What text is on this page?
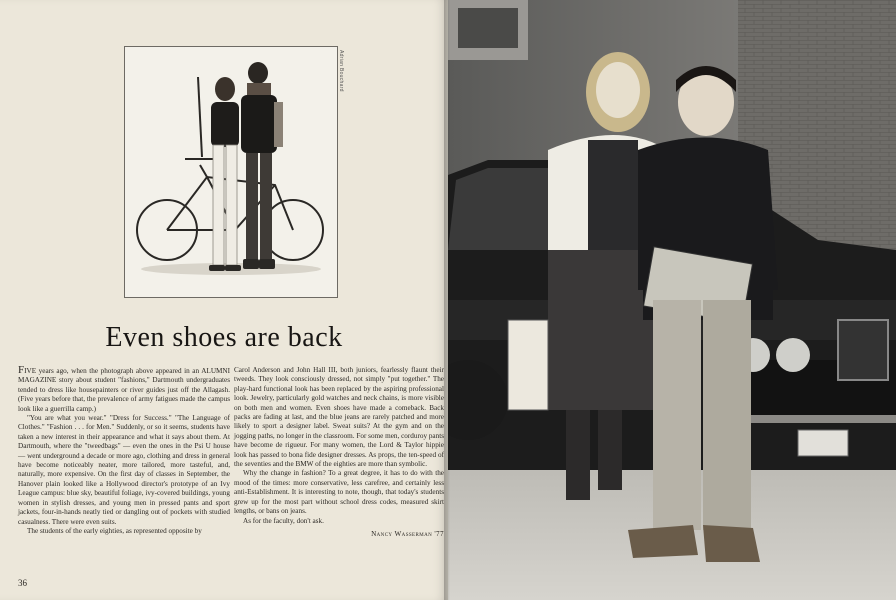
Adrian Bouchard
Even shoes are back

FIVE years ago, when the photograph above appeared in an ALUMNI MAGAZINE story about student "fashions," Dartmouth undergraduates tended to dress like housepainters or river guides just off the Allagash. (Five years before that, the prevalence of army fatigues made the campus look like a guerrilla camp.)

"You are what you wear." "Dress for Success." "The Language of Clothes." "Fashion . . . for Men." Suddenly, or so it seems, students have taken a new interest in their appearance and what it says about them. At Dartmouth, where the "tweedbags" — even the ones in the Psi U house — went underground a decade or more ago, clothing and dress in general have become noticeably neater, more tailored, more tasteful, and, naturally, more expensive. On the first day of classes in September, the Hanover plain looked like a Hollywood director's prototype of an Ivy League campus: blue sky, beautiful foliage, ivy-covered buildings, young women in stylish dresses, and young men in pressed pants and sport jackets, four-in-hands neatly tied or dangling out of pockets with studied casualness. There were even suits.

The students of the early eighties, as represented opposite by

Carol Anderson and John Hall III, both juniors, fearlessly flaunt their tweeds. They look consciously dressed, not simply "put together." The play-hard functional look has been replaced by the aspiring professional look. Jewelry, particularly gold watches and neck chains, is more visible on both men and women. Even shoes have made a comeback. Back packs are fading at last, and the blue jeans are rarely patched and more likely to sport a designer label. Sweat suits? At the gym and on the jogging paths, no longer in the classroom. For some men, corduroy pants have become de rigueur. For many women, the Lord & Taylor hippie look has passed to bona fide designer dresses. As props, the ten-speed of the seventies and the BMW of the eighties are more than symbolic.

Why the change in fashion? To a great degree, it has to do with the mood of the times: more conservative, less carefree, and certainly less anti-Establishment. It is interesting to note, though, that today's students grew up for the most part without school dress codes, measured skirt lengths, or bans on jeans.

As for the faculty, don't ask.

Nancy Wasserman '77
36
